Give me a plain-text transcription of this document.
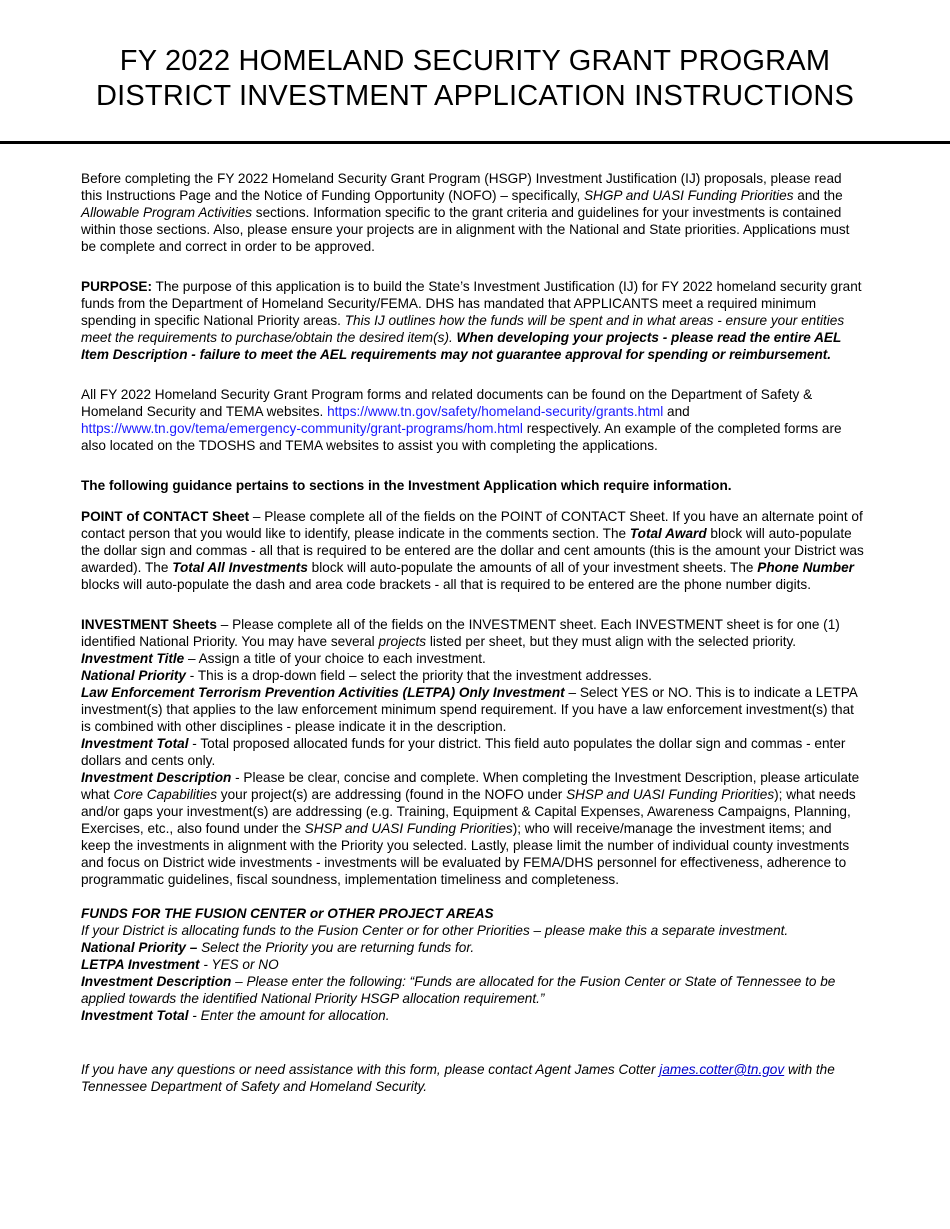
FY 2022 HOMELAND SECURITY GRANT PROGRAM
DISTRICT INVESTMENT APPLICATION INSTRUCTIONS

Before completing the FY 2022 Homeland Security Grant Program (HSGP) Investment Justification (IJ) proposals, please read this Instructions Page and the Notice of Funding Opportunity (NOFO) – specifically, SHGP and UASI Funding Priorities and the Allowable Program Activities sections. Information specific to the grant criteria and guidelines for your investments is contained within those sections. Also, please ensure your projects are in alignment with the National and State priorities. Applications must be complete and correct in order to be approved.

PURPOSE: The purpose of this application is to build the State’s Investment Justification (IJ) for FY 2022 homeland security grant funds from the Department of Homeland Security/FEMA. DHS has mandated that APPLICANTS meet a required minimum spending in specific National Priority areas. This IJ outlines how the funds will be spent and in what areas - ensure your entities meet the requirements to purchase/obtain the desired item(s). When developing your projects - please read the entire AEL Item Description - failure to meet the AEL requirements may not guarantee approval for spending or reimbursement.

All FY 2022 Homeland Security Grant Program forms and related documents can be found on the Department of Safety & Homeland Security and TEMA websites. https://www.tn.gov/safety/homeland-security/grants.html and https://www.tn.gov/tema/emergency-community/grant-programs/hom.html respectively. An example of the completed forms are also located on the TDOSHS and TEMA websites to assist you with completing the applications.

The following guidance pertains to sections in the Investment Application which require information.

POINT of CONTACT Sheet – Please complete all of the fields on the POINT of CONTACT Sheet. If you have an alternate point of contact person that you would like to identify, please indicate in the comments section. The Total Award block will auto-populate the dollar sign and commas - all that is required to be entered are the dollar and cent amounts (this is the amount your District was awarded). The Total All Investments block will auto-populate the amounts of all of your investment sheets. The Phone Number blocks will auto-populate the dash and area code brackets - all that is required to be entered are the phone number digits.

INVESTMENT Sheets – Please complete all of the fields on the INVESTMENT sheet. Each INVESTMENT sheet is for one (1) identified National Priority. You may have several projects listed per sheet, but they must align with the selected priority.

Investment Title – Assign a title of your choice to each investment.

National Priority - This is a drop-down field – select the priority that the investment addresses.

Law Enforcement Terrorism Prevention Activities (LETPA) Only Investment – Select YES or NO. This is to indicate a LETPA investment(s) that applies to the law enforcement minimum spend requirement. If you have a law enforcement investment(s) that is combined with other disciplines - please indicate it in the description.

Investment Total - Total proposed allocated funds for your district. This field auto populates the dollar sign and commas - enter dollars and cents only.

Investment Description - Please be clear, concise and complete. When completing the Investment Description, please articulate what Core Capabilities your project(s) are addressing (found in the NOFO under SHSP and UASI Funding Priorities); what needs and/or gaps your investment(s) are addressing (e.g. Training, Equipment & Capital Expenses, Awareness Campaigns, Planning, Exercises, etc., also found under the SHSP and UASI Funding Priorities); who will receive/manage the investment items; and keep the investments in alignment with the Priority you selected. Lastly, please limit the number of individual county investments and focus on District wide investments - investments will be evaluated by FEMA/DHS personnel for effectiveness, adherence to programmatic guidelines, fiscal soundness, implementation timeliness and completeness.

FUNDS FOR THE FUSION CENTER or OTHER PROJECT AREAS

If your District is allocating funds to the Fusion Center or for other Priorities – please make this a separate investment.

National Priority – Select the Priority you are returning funds for.

LETPA Investment - YES or NO

Investment Description – Please enter the following: “Funds are allocated for the Fusion Center or State of Tennessee to be applied towards the identified National Priority HSGP allocation requirement.”

Investment Total - Enter the amount for allocation.

If you have any questions or need assistance with this form, please contact Agent James Cotter james.cotter@tn.gov with the Tennessee Department of Safety and Homeland Security.
